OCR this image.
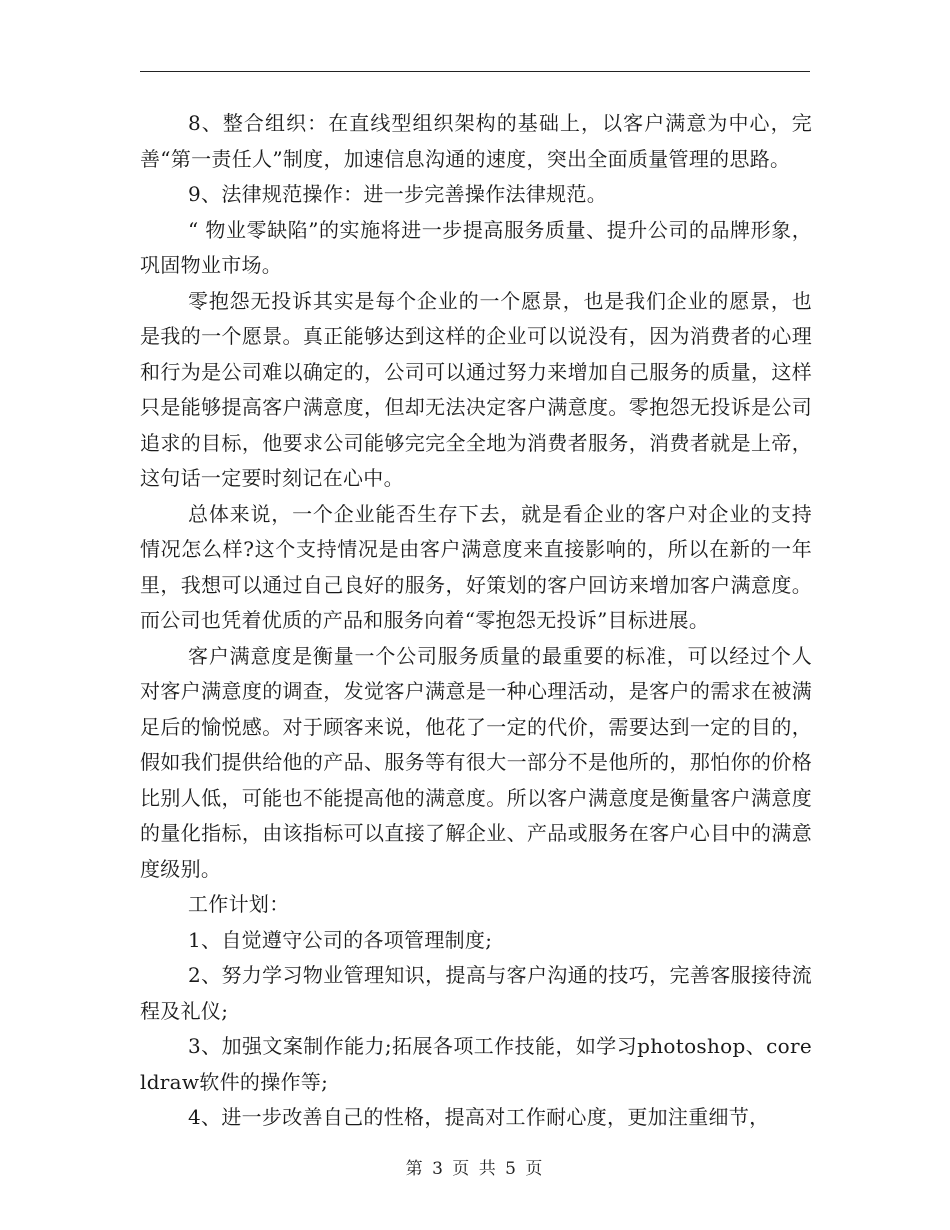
8、整合组织：在直线型组织架构的基础上，以客户满意为中心，完善“第一责任人”制度，加速信息沟通的速度，突出全面质量管理的思路。

9、法律规范操作：进一步完善操作法律规范。

“ 物业零缺陷”的实施将进一步提高服务质量、提升公司的品牌形象，巩固物业市场。

零抱怨无投诉其实是每个企业的一个愿景，也是我们企业的愿景，也是我的一个愿景。真正能够达到这样的企业可以说没有，因为消费者的心理和行为是公司难以确定的，公司可以通过努力来增加自己服务的质量，这样只是能够提高客户满意度，但却无法决定客户满意度。零抱怨无投诉是公司追求的目标，他要求公司能够完完全全地为消费者服务，消费者就是上帝，这句话一定要时刻记在心中。

总体来说，一个企业能否生存下去，就是看企业的客户对企业的支持情况怎么样?这个支持情况是由客户满意度来直接影响的，所以在新的一年里，我想可以通过自己良好的服务，好策划的客户回访来增加客户满意度。而公司也凭着优质的产品和服务向着“零抱怨无投诉”目标进展。

客户满意度是衡量一个公司服务质量的最重要的标准，可以经过个人对客户满意度的调查，发觉客户满意是一种心理活动，是客户的需求在被满足后的愉悦感。对于顾客来说，他花了一定的代价，需要达到一定的目的，假如我们提供给他的产品、服务等有很大一部分不是他所的，那怕你的价格比别人低，可能也不能提高他的满意度。所以客户满意度是衡量客户满意度的量化指标，由该指标可以直接了解企业、产品或服务在客户心目中的满意度级别。

工作计划：

1、自觉遵守公司的各项管理制度;

2、努力学习物业管理知识，提高与客户沟通的技巧，完善客服接待流程及礼仪;

3、加强文案制作能力;拓展各项工作技能，如学习photoshop、coreldraw软件的操作等;

4、进一步改善自己的性格，提高对工作耐心度，更加注重细节，

第 3 页 共 5 页
